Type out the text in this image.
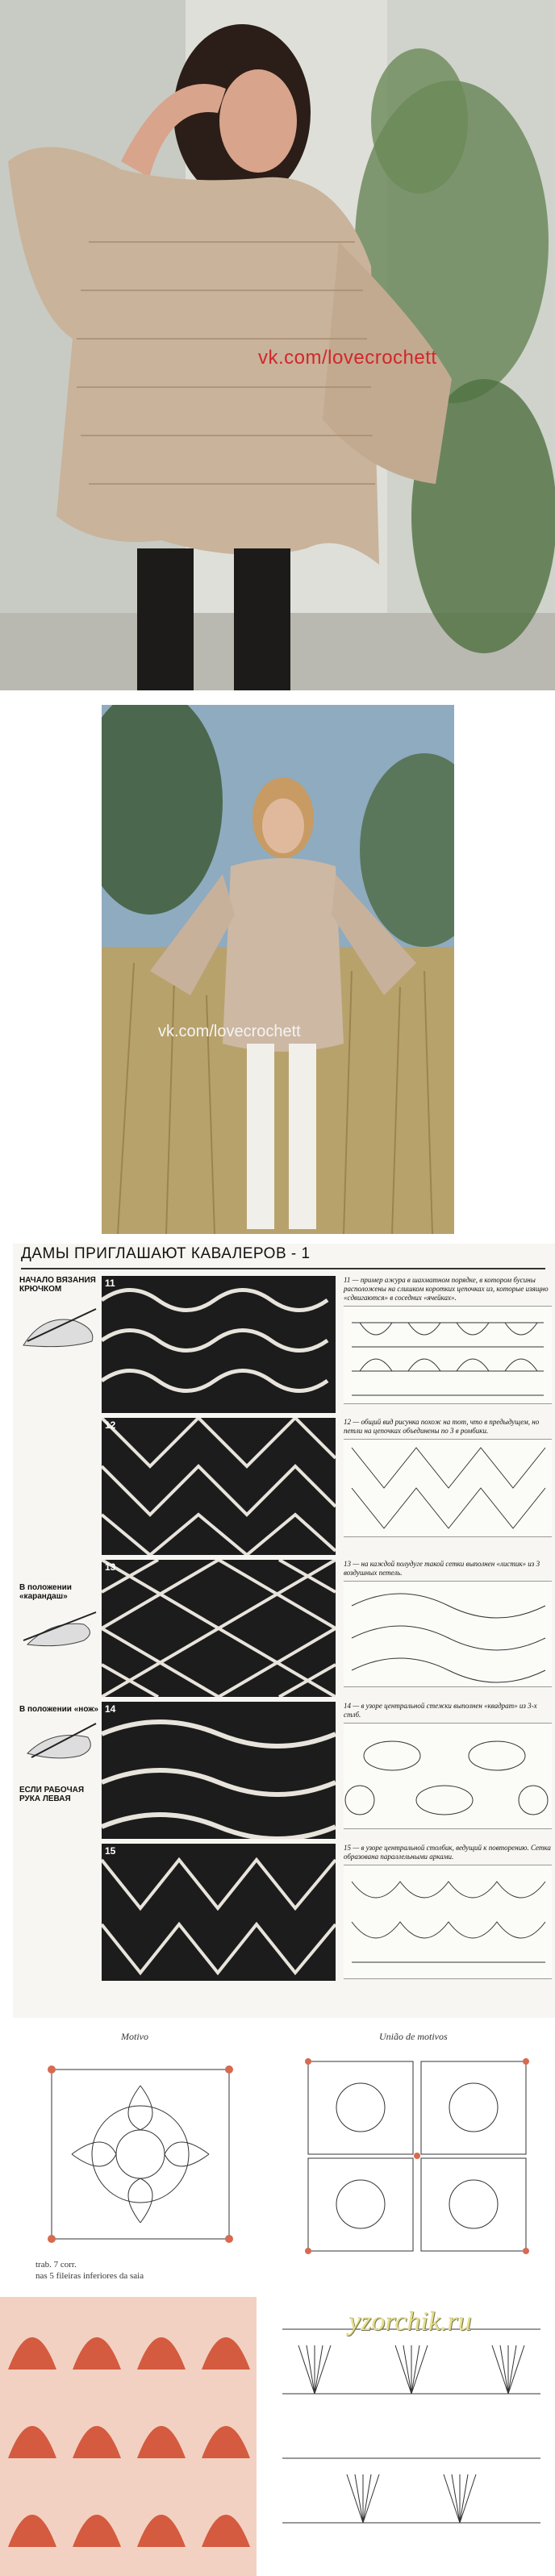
vk.com/lovecrochett
vk.com/lovecrochett
ДАМЫ ПРИГЛАШАЮТ КАВАЛЕРОВ - 1
НАЧАЛО ВЯЗАНИЯ КРЮЧКОМ
В положении «карандаш»
В положении «нож»
ЕСЛИ РАБОЧАЯ РУКА ЛЕВАЯ
11
12
13
14
15
11 — пример ажура в шахматном порядке, в котором бусины расположены на слишком коротких цепочках из, которые изящно «сдвигаются» в соседних «ячейках».
12 — общий вид рисунка похож на тот, что в предыдущем, но петли на цепочках объединены по 3 в ромбики.
13 — на каждой полудуге такой сетки выполнен «листик» из 3 воздушных петель.
14 — в узоре центральной стежки выполнен «квадрат» из 3-х стлб.
15 — в узоре центральной столбик, ведущий к повторению. Сетка образована параллельными арками.
Motivo	União de motivos
trab. 7 corr.
nas 5 fileiras inferiores da saia
yzorchik.ru
